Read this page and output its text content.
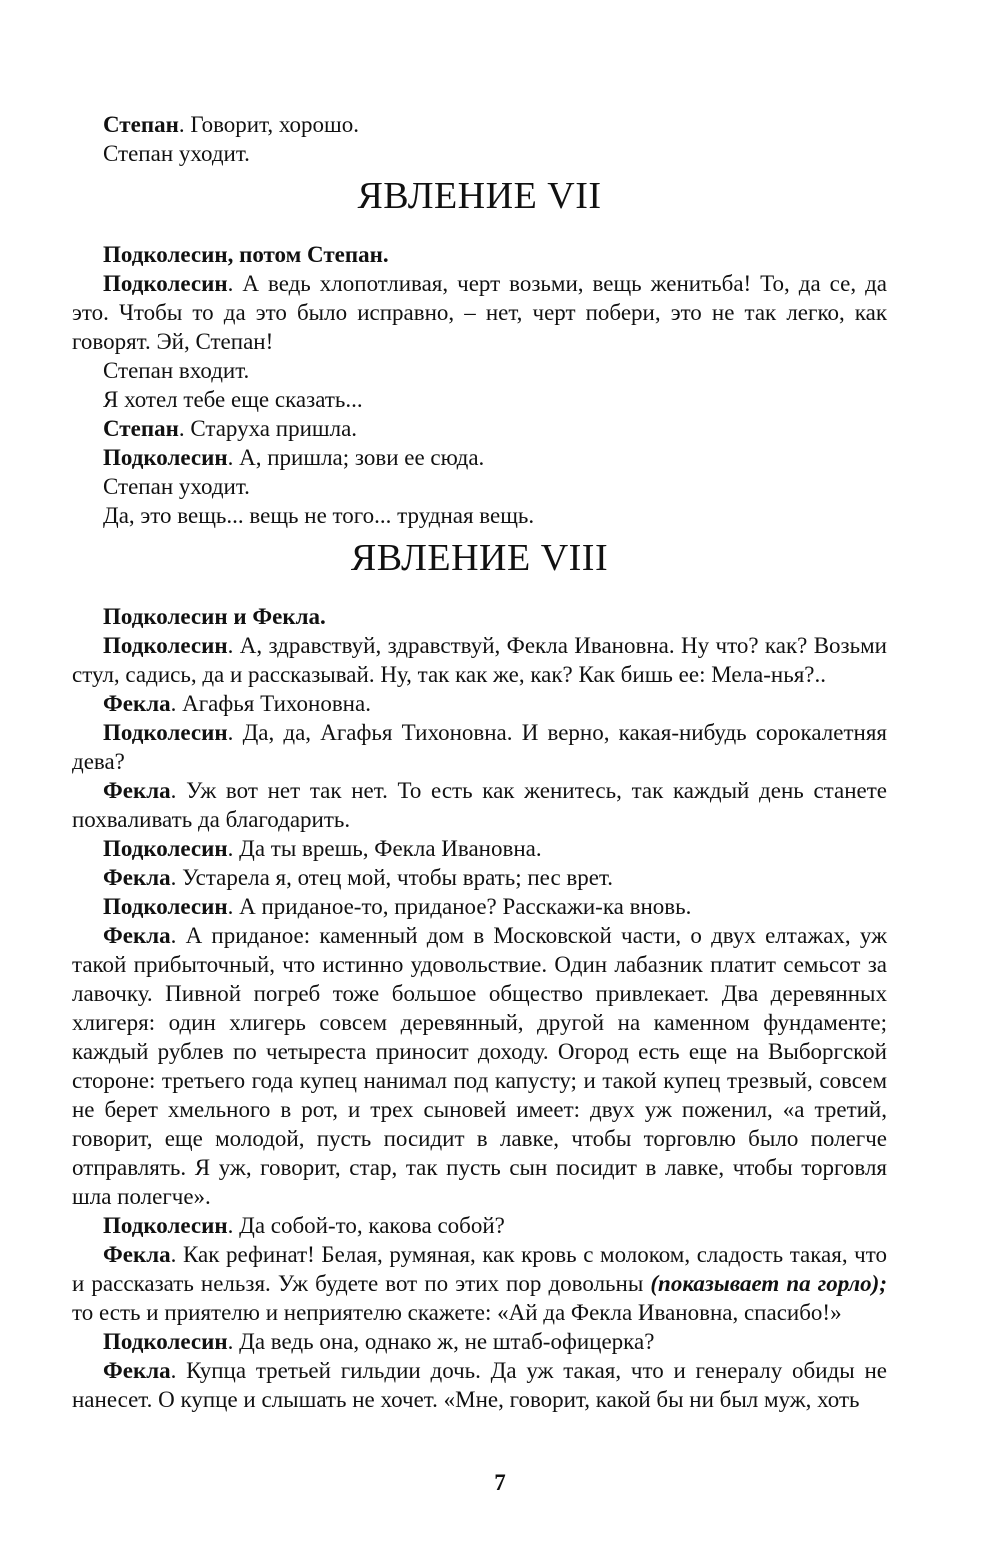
Степан. Говорит, хорошо.

Степан уходит.

ЯВЛЕНИЕ VII

Подколесин, потом Степан.

Подколесин. А ведь хлопотливая, черт возьми, вещь женитьба! То, да се, да это. Чтобы то да это было исправно, – нет, черт побери, это не так легко, как говорят. Эй, Степан!

Степан входит.

Я хотел тебе еще сказать...

Степан. Старуха пришла.

Подколесин. А, пришла; зови ее сюда.

Степан уходит.

Да, это вещь... вещь не того... трудная вещь.

ЯВЛЕНИЕ VIII

Подколесин и Фекла.

Подколесин. А, здравствуй, здравствуй, Фекла Ивановна. Ну что? как? Возьми стул, садись, да и рассказывай. Ну, так как же, как? Как бишь ее: Мела-нья?..

Фекла. Агафья Тихоновна.

Подколесин. Да, да, Агафья Тихоновна. И верно, какая-нибудь сорокалетняя дева?

Фекла. Уж вот нет так нет. То есть как женитесь, так каждый день станете похваливать да благодарить.

Подколесин. Да ты врешь, Фекла Ивановна.

Фекла. Устарела я, отец мой, чтобы врать; пес врет.

Подколесин. А приданое-то, приданое? Расскажи-ка вновь.

Фекла. А приданое: каменный дом в Московской части, о двух елтажах, уж такой прибыточный, что истинно удовольствие. Один лабазник платит семьсот за лавочку. Пивной погреб тоже большое общество привлекает. Два деревянных хлигеря: один хлигерь совсем деревянный, другой на каменном фундаменте; каждый рублев по четыреста приносит доходу. Огород есть еще на Выборгской стороне: третьего года купец нанимал под капусту; и такой купец трезвый, совсем не берет хмельного в рот, и трех сыновей имеет: двух уж поженил, «а третий, говорит, еще молодой, пусть посидит в лавке, чтобы торговлю было полегче отправлять. Я уж, говорит, стар, так пусть сын посидит в лавке, чтобы торговля шла полегче».

Подколесин. Да собой-то, какова собой?

Фекла. Как рефинат! Белая, румяная, как кровь с молоком, сладость такая, что и рассказать нельзя. Уж будете вот по этих пор довольны (показывает па горло); то есть и приятелю и неприятелю скажете: «Ай да Фекла Ивановна, спасибо!»

Подколесин. Да ведь она, однако ж, не штаб-офицерка?

Фекла. Купца третьей гильдии дочь. Да уж такая, что и генералу обиды не нанесет. О купце и слышать не хочет. «Мне, говорит, какой бы ни был муж, хоть

7
